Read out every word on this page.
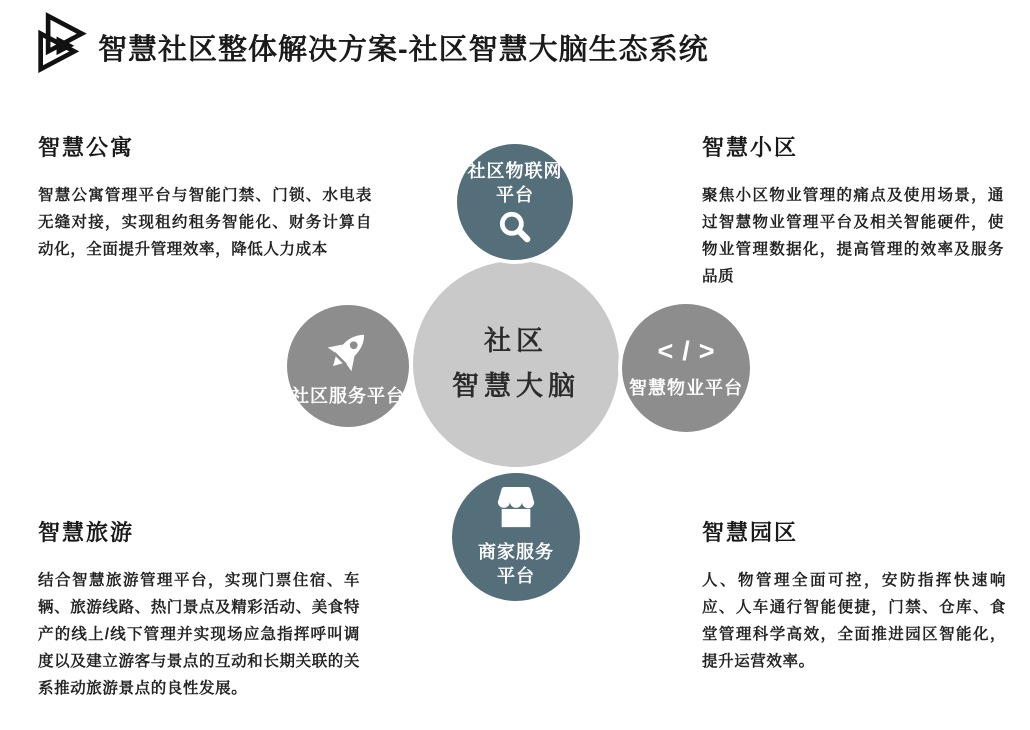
智慧社区整体解决方案-社区智慧大脑生态系统
智慧公寓

智慧公寓管理平台与智能门禁、门锁、水电表无缝对接，实现租约租务智能化、财务计算自动化，全面提升管理效率，降低人力成本

智慧小区

聚焦小区物业管理的痛点及使用场景，通过智慧物业管理平台及相关智能硬件，使物业管理数据化，提高管理的效率及服务品质

智慧旅游

结合智慧旅游管理平台，实现门票住宿、车辆、旅游线路、热门景点及精彩活动、美食特产的线上/线下管理并实现场应急指挥呼叫调度以及建立游客与景点的互动和长期关联的关系推动旅游景点的良性发展。

智慧园区

人、物管理全面可控，安防指挥快速响应、人车通行智能便捷，门禁、仓库、食堂管理科学高效，全面推进园区智能化，提升运营效率。

社区
智慧大脑
社区物联网
平台
社区服务平台
</>
智慧物业平台
商家服务
平台
